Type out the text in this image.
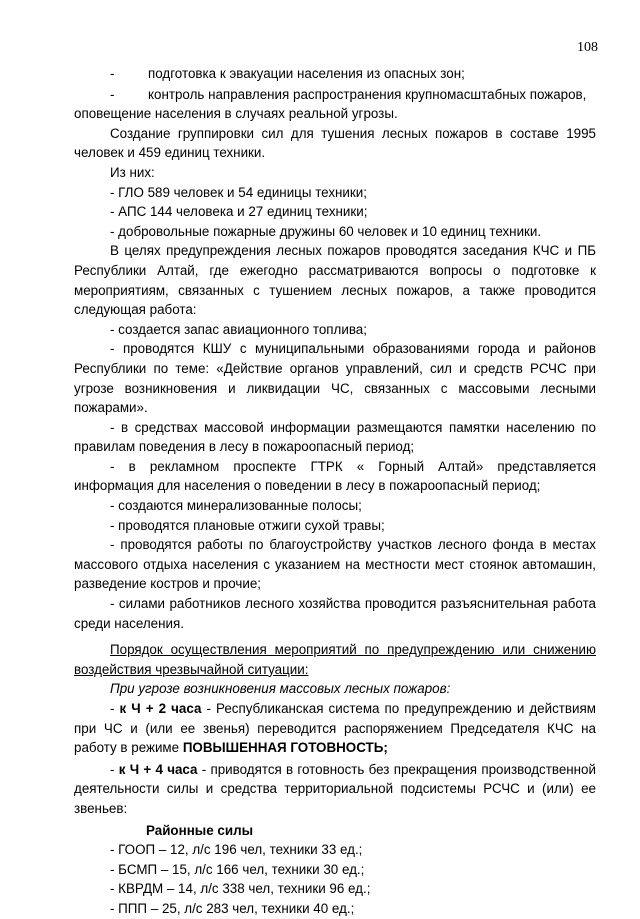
108

-	подготовка к эвакуации населения из опасных зон;

-	контроль направления распространения крупномасштабных пожаров,

оповещение населения в случаях реальной угрозы.

Создание группировки сил для тушения лесных пожаров в составе 1995 человек и 459 единиц техники.

Из них:

- ГЛО 589 человек и 54 единицы техники;

- АПС 144 человека и 27 единиц техники;

- добровольные пожарные дружины 60 человек и 10 единиц техники.

В целях предупреждения лесных пожаров проводятся заседания КЧС и ПБ Республики Алтай, где ежегодно рассматриваются вопросы о подготовке к мероприятиям, связанных с тушением лесных пожаров, а также проводится следующая работа:

- создается запас авиационного топлива;

- проводятся КШУ с муниципальными образованиями города и районов Республики по теме: «Действие органов управлений, сил и средств РСЧС при угрозе возникновения и ликвидации ЧС, связанных с массовыми лесными пожарами».

- в средствах массовой информации размещаются памятки населению по правилам поведения в лесу в пожароопасный период;

- в рекламном проспекте ГТРК « Горный Алтай» представляется информация для населения о поведении в лесу в пожароопасный период;

- создаются минерализованные полосы;

- проводятся плановые отжиги сухой травы;

- проводятся работы по благоустройству участков лесного фонда в местах массового отдыха населения с указанием на местности мест стоянок автомашин, разведение костров и прочие;

- силами работников лесного хозяйства проводится разъяснительная работа среди населения.

Порядок осуществления мероприятий по предупреждению или снижению воздействия чрезвычайной ситуации:

При угрозе возникновения массовых лесных пожаров:

- к Ч + 2 часа - Республиканская система по предупреждению и действиям при ЧС и (или ее звенья) переводится распоряжением Председателя КЧС на работу в режиме ПОВЫШЕННАЯ ГОТОВНОСТЬ;

- к Ч + 4 часа - приводятся в готовность без прекращения производственной деятельности силы и средства территориальной подсистемы РСЧС и (или) ее звеньев:

Районные силы

- ГООП – 12, л/с 196 чел, техники 33 ед.;

- БСМП – 15, л/с 166 чел, техники 30 ед.;

- КВРДМ – 14, л/с 338 чел, техники 96 ед.;

- ППП – 25, л/с 283 чел, техники 40 ед.;
